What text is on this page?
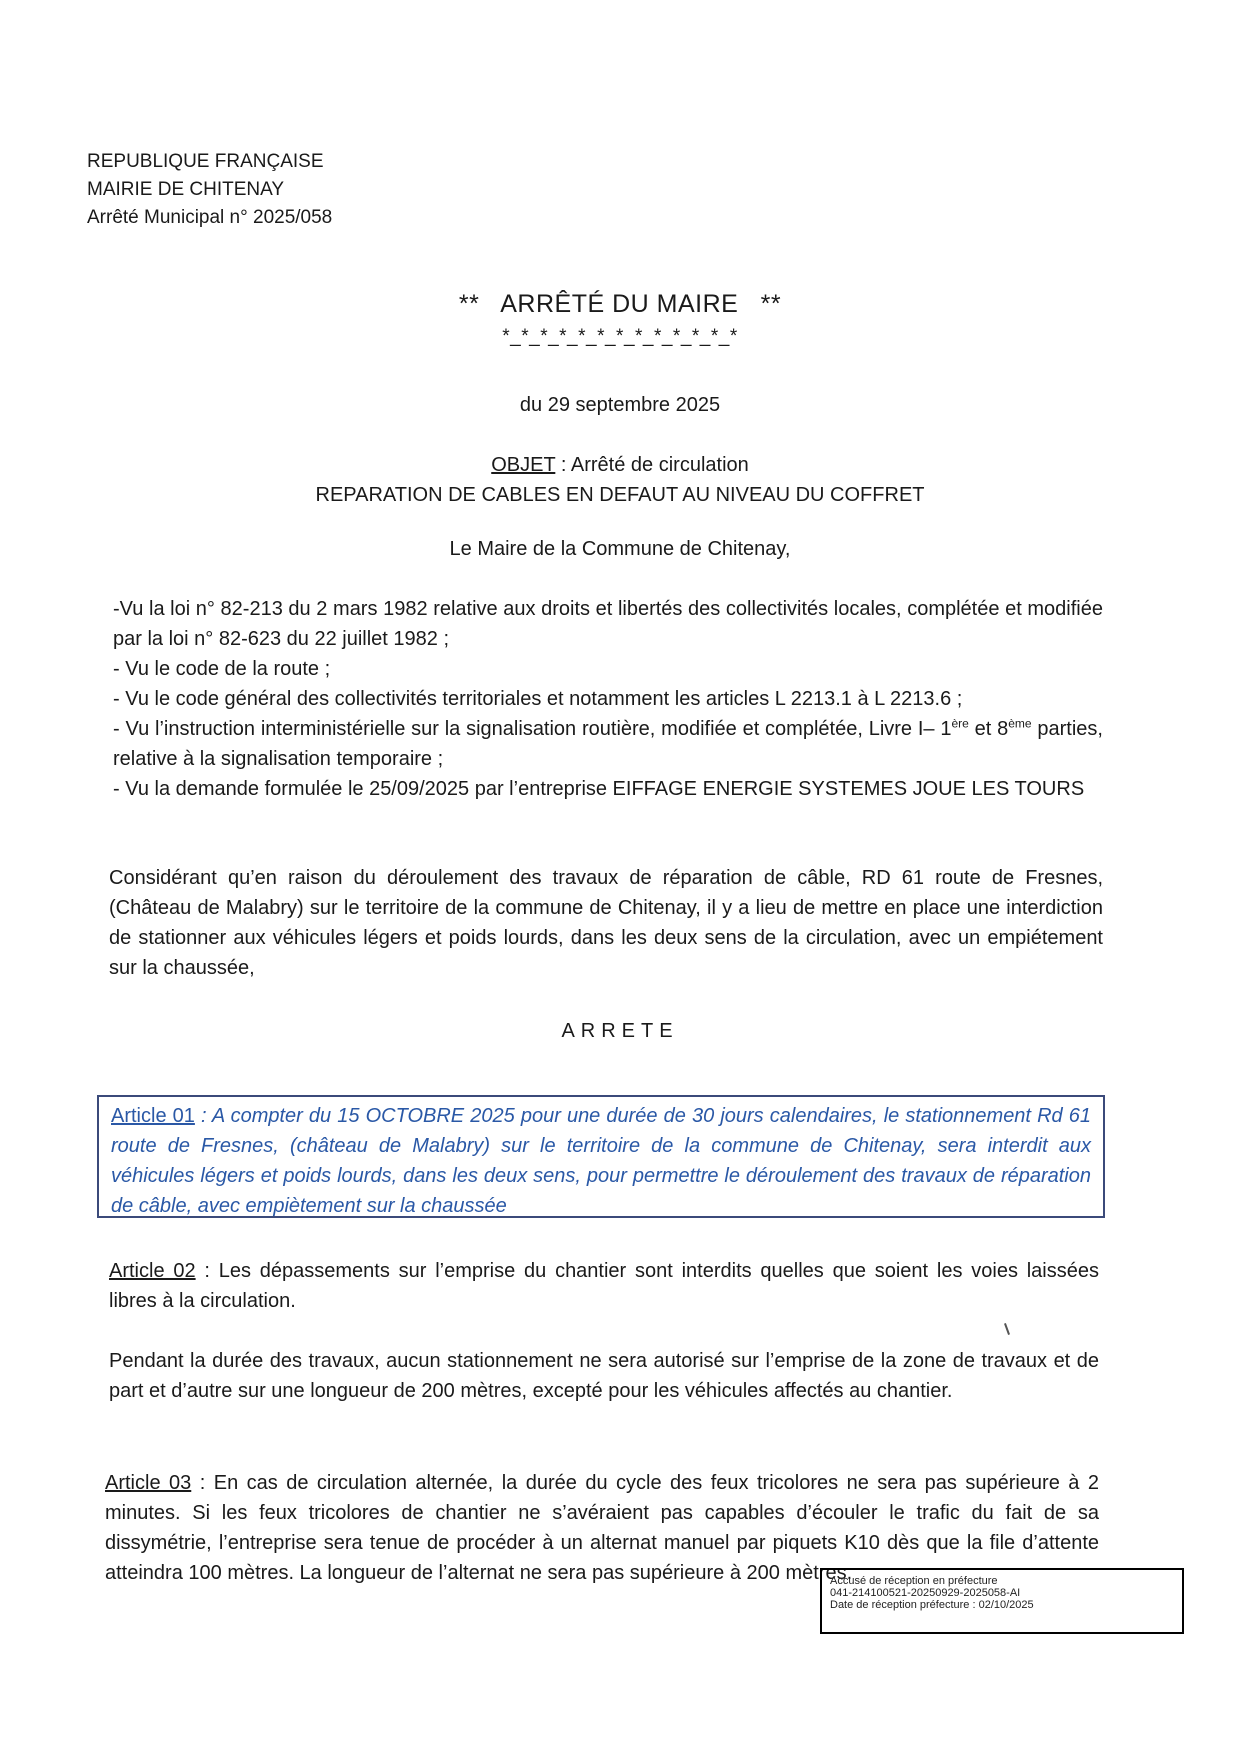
REPUBLIQUE FRANÇAISE
MAIRIE DE CHITENAY
Arrêté Municipal n° 2025/058
**   ARRÊTÉ DU MAIRE   **
*_*_*_*_*_*_*_*_*_*_*_*_*
du 29 septembre 2025
OBJET : Arrêté de circulation
REPARATION DE CABLES EN DEFAUT AU NIVEAU DU COFFRET
Le Maire de la Commune de Chitenay,

-Vu la loi n° 82-213 du 2 mars 1982 relative aux droits et libertés des collectivités locales, complétée et modifiée par la loi n° 82-623 du 22 juillet 1982 ;

- Vu le code de la route ;

- Vu le code général des collectivités territoriales et notamment les articles L 2213.1 à L 2213.6 ;

- Vu l’instruction interministérielle sur la signalisation routière, modifiée et complétée, Livre I– 1ère et 8ème parties, relative à la signalisation temporaire ;

- Vu la demande formulée le 25/09/2025 par l’entreprise EIFFAGE ENERGIE SYSTEMES JOUE LES TOURS

Considérant qu’en raison du déroulement des travaux de réparation de câble, RD 61 route de Fresnes, (Château de Malabry) sur le territoire de la commune de Chitenay, il y a lieu de mettre en place une interdiction de stationner aux véhicules légers et poids lourds, dans les deux sens de la circulation, avec un empiétement sur la chaussée,
ARRETE
Article 01 : A compter du 15 OCTOBRE 2025 pour une durée de 30 jours calendaires, le stationnement Rd 61 route de Fresnes, (château de Malabry) sur le territoire de la commune de Chitenay, sera interdit aux véhicules légers et poids lourds, dans les deux sens, pour permettre le déroulement des travaux de réparation de câble, avec empiètement sur la chaussée
Article 02 : Les dépassements sur l’emprise du chantier sont interdits quelles que soient les voies laissées libres à la circulation.
Pendant la durée des travaux, aucun stationnement ne sera autorisé sur l’emprise de la zone de travaux et de part et d’autre sur une longueur de 200 mètres, excepté pour les véhicules affectés au chantier.
Article 03 : En cas de circulation alternée, la durée du cycle des feux tricolores ne sera pas supérieure à 2 minutes. Si les feux tricolores de chantier ne s’avéraient pas capables d’écouler le trafic du fait de sa dissymétrie, l’entreprise sera tenue de procéder à un alternat manuel par piquets K10 dès que la file d’attente atteindra 100 mètres. La longueur de l’alternat ne sera pas supérieure à 200 mètres.
Accusé de réception en préfecture
041-214100521-20250929-2025058-AI
Date de réception préfecture : 02/10/2025
